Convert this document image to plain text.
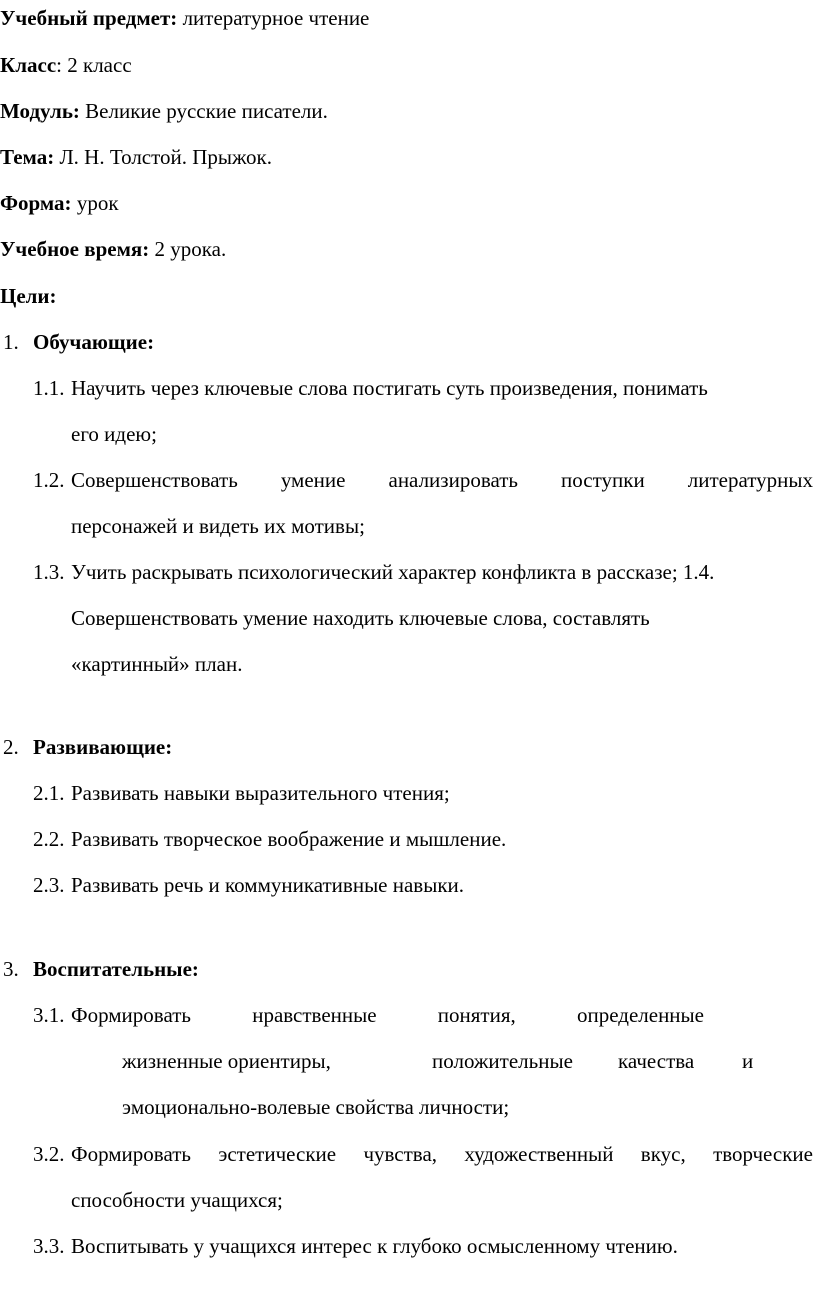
Учебный предмет: литературное чтение
Класс: 2 класс
Модуль: Великие русские писатели.
Тема: Л. Н. Толстой. Прыжок.
Форма: урок
Учебное время: 2 урока.
Цели:
1. Обучающие:
1.1. Научить через ключевые слова постигать суть произведения, понимать
его идею;
1.2. Совершенствовать умение анализировать поступки литературных
персонажей и видеть их мотивы;
1.3. Учить раскрывать психологический характер конфликта в рассказе; 1.4.
Совершенствовать умение находить ключевые слова, составлять
«картинный» план.
2. Развивающие:
2.1. Развивать навыки выразительного чтения;
2.2. Развивать творческое воображение и мышление.
2.3. Развивать речь и коммуникативные навыки.
3. Воспитательные:
3.1. Формировать	нравственные	понятия,	определенные
жизненные ориентиры,	положительные качества и
эмоционально-волевые свойства личности;
3.2. Формировать эстетические чувства, художественный вкус, творческие
способности учащихся;
3.3. Воспитывать у учащихся интерес к глубоко осмысленному чтению.
